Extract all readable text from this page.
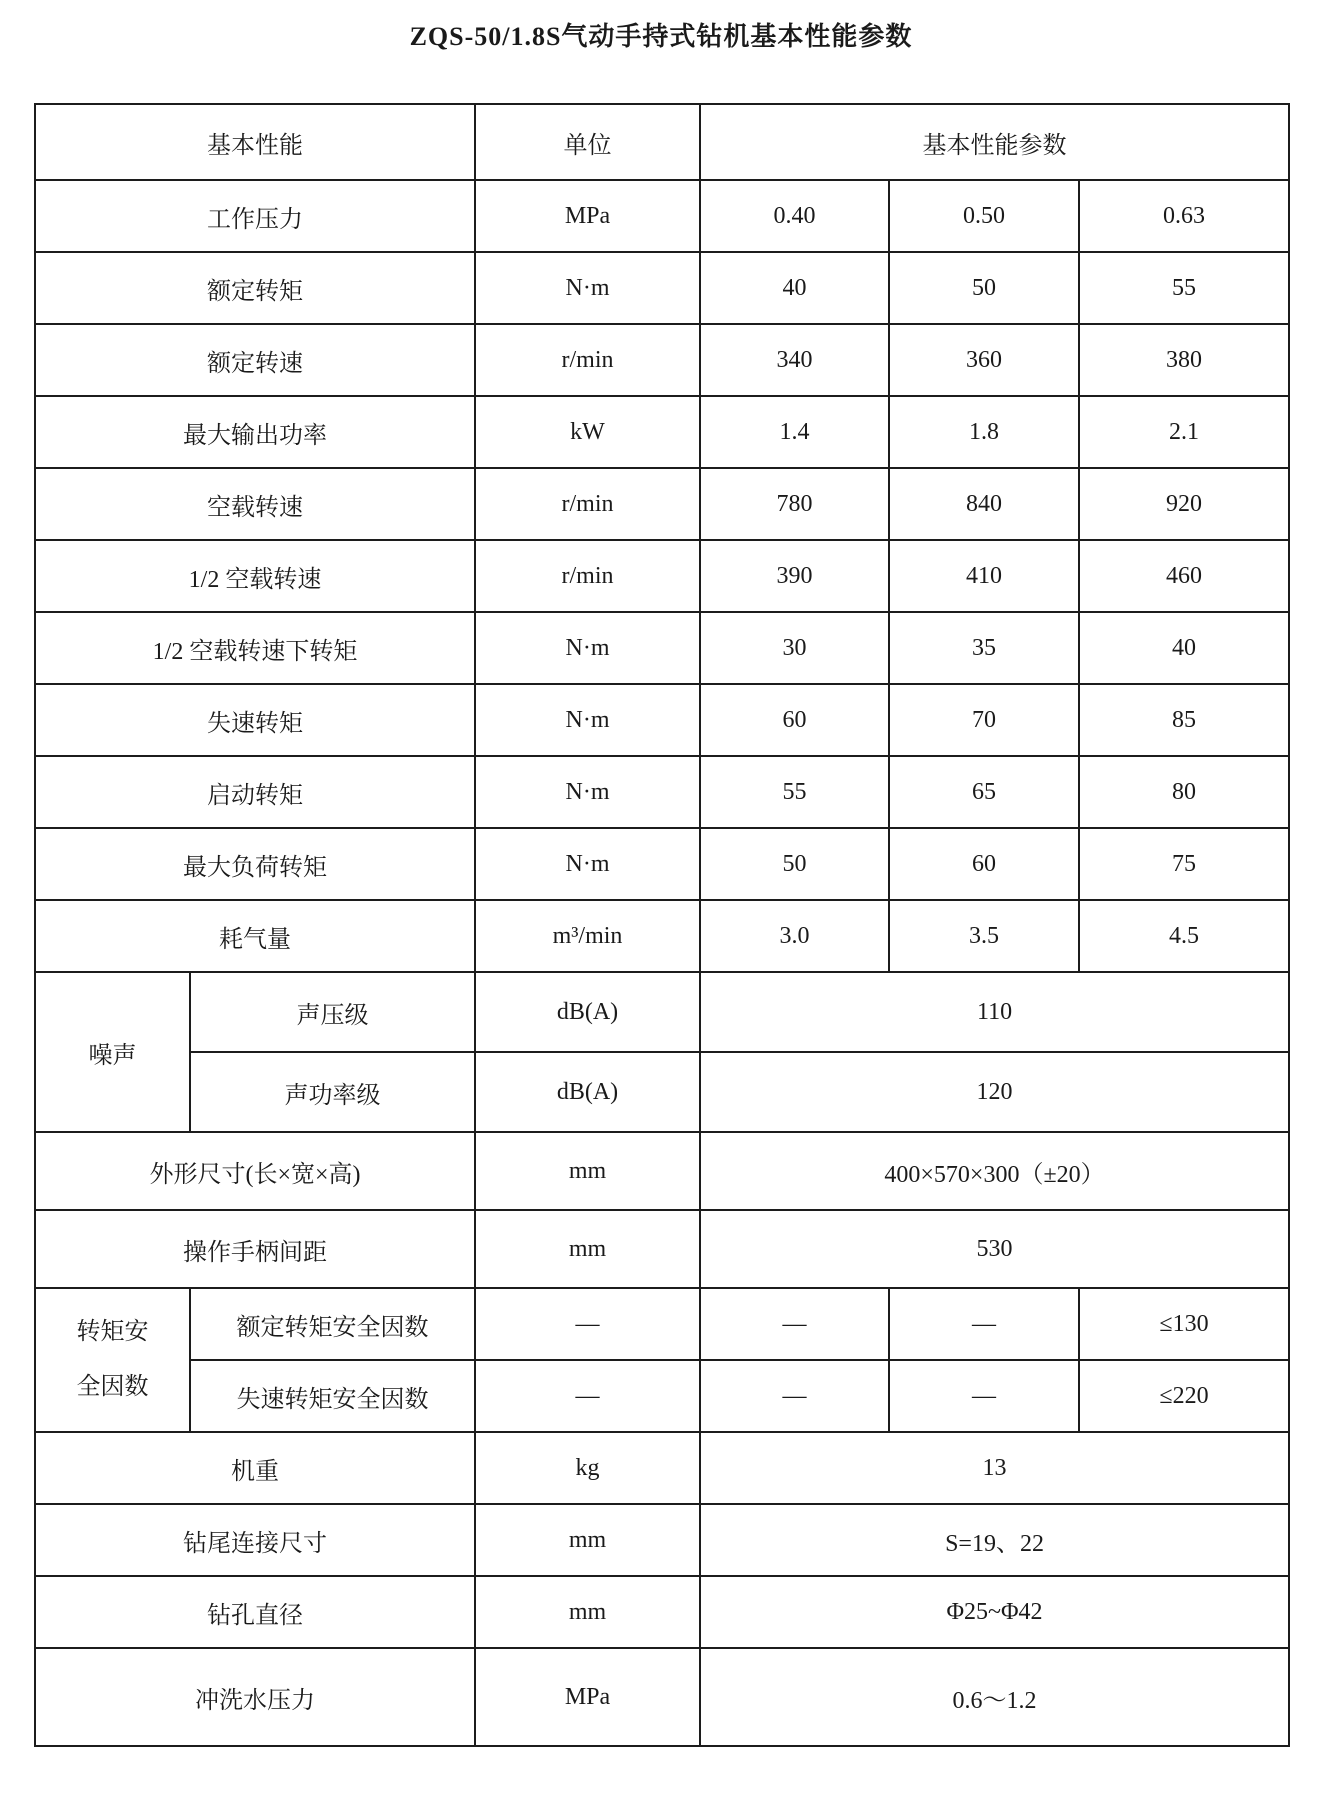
ZQS-50/1.8S气动手持式钻机基本性能参数
基本性能		单位	基本性能参数		
工作压力		MPa	0.40	0.50	0.63
额定转矩		N·m	40	50	55
额定转速		r/min	340	360	380
最大输出功率		kW	1.4	1.8	2.1
空载转速		r/min	780	840	920
1/2 空载转速		r/min	390	410	460
1/2 空载转速下转矩		N·m	30	35	40
失速转矩		N·m	60	70	85
启动转矩		N·m	55	65	80
最大负荷转矩		N·m	50	60	75
耗气量		m³/min	3.0	3.5	4.5
噪声	声压级	dB(A)	110		
	声功率级	dB(A)	120		
外形尺寸(长×宽×高)		mm	400×570×300（±20）		
操作手柄间距		mm	530		
转矩安全因数	额定转矩安全因数	—	—	—	≤130
	失速转矩安全因数	—	—	—	≤220
机重		kg	13		
钻尾连接尺寸		mm	S=19、22		
钻孔直径		mm	Φ25~Φ42		
冲洗水压力		MPa	0.6～1.2		
